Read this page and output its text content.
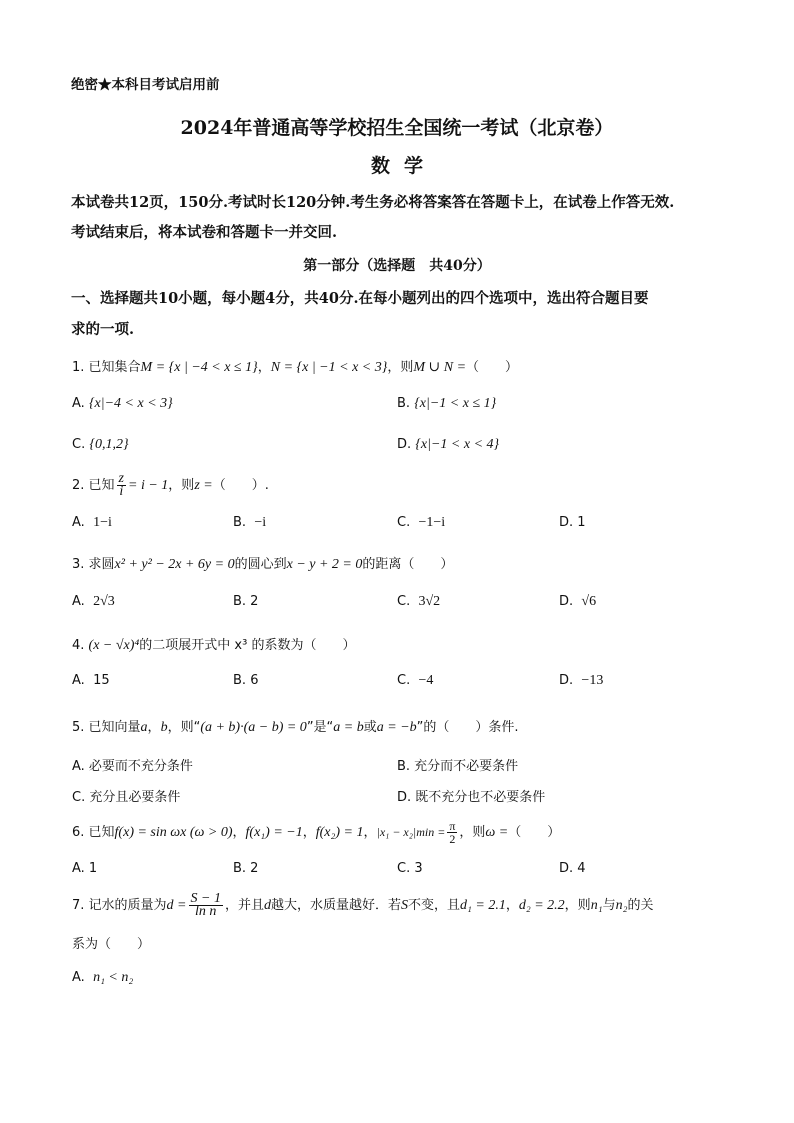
绝密★本科目考试启用前
2024年普通高等学校招生全国统一考试（北京卷）
数学
本试卷共12页，150分.考试时长120分钟.考生务必将答案答在答题卡上，在试卷上作答无效.
考试结束后，将本试卷和答题卡一并交回.
第一部分（选择题　共40分）
一、选择题共10小题，每小题4分，共40分.在每小题列出的四个选项中，选出符合题目要
求的一项.
1. 已知集合M = {x | −4 < x ≤ 1}，N = {x | −1 < x < 3}，则M ∪ N =（　　）
A. {x|−4 < x < 3}	B. {x|−1 < x ≤ 1}
C. {0,1,2}	D. {x|−1 < x < 4}
2. 已知 $\frac{z}{i} = i - 1$，则z =（　　）.
A. 1−i	B. −i	C. −1−i	D. 1
3. 求圆x² + y² − 2x + 6y = 0的圆心到x − y + 2 = 0的距离（　　）
A. 2√3	B. 2	C. 3√2	D. √6
4. (x − √x)⁴的二项展开式中 x³ 的系数为（　　）
A. 15	B. 6	C. −4	D. −13
5. 已知向量a，b，则“(a + b)·(a − b) = 0”是“a = b或a = −b”的（　　）条件.
A. 必要而不充分条件	B. 充分而不必要条件
C. 充分且必要条件	D. 既不充分也不必要条件
6. 已知f(x) = sin ωx (ω > 0)，f(x₁) = −1，f(x₂) = 1，$|x_1 - x_2|\min = \frac{\pi}{2}$ ，则ω =（　　）
A. 1	B. 2	C. 3	D. 4
7. 记水的质量为$d = \frac{S - 1}{\text{ln n}}$ ，并且d越大，水质量越好．若S不变，且d₁ = 2.1，d₂ = 2.2，则n₁与n₂的关
系为（　　）
A. n₁ < n₂
